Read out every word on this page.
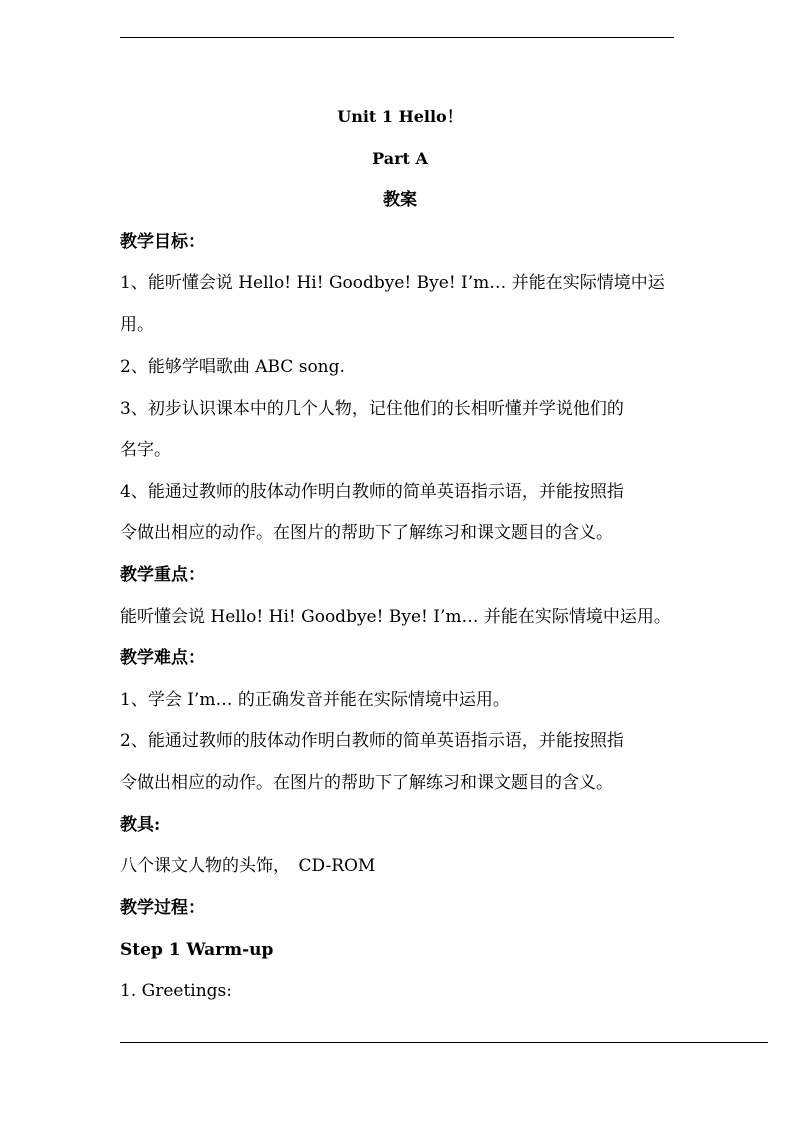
Unit 1 Hello！
Part A
教案
教学目标：
1、能听懂会说 Hello! Hi! Goodbye! Bye! I’m… 并能在实际情境中运
用。
2、能够学唱歌曲 ABC song.
3、初步认识课本中的几个人物，记住他们的长相听懂并学说他们的
名字。
4、能通过教师的肢体动作明白教师的简单英语指示语，并能按照指
令做出相应的动作。在图片的帮助下了解练习和课文题目的含义。
教学重点：
能听懂会说 Hello! Hi! Goodbye! Bye! I’m… 并能在实际情境中运用。
教学难点：
1、学会 I’m… 的正确发音并能在实际情境中运用。
2、能通过教师的肢体动作明白教师的简单英语指示语，并能按照指
令做出相应的动作。在图片的帮助下了解练习和课文题目的含义。
教具:
八个课文人物的头饰，　CD-ROM
教学过程：
Step 1 Warm-up
1. Greetings:
